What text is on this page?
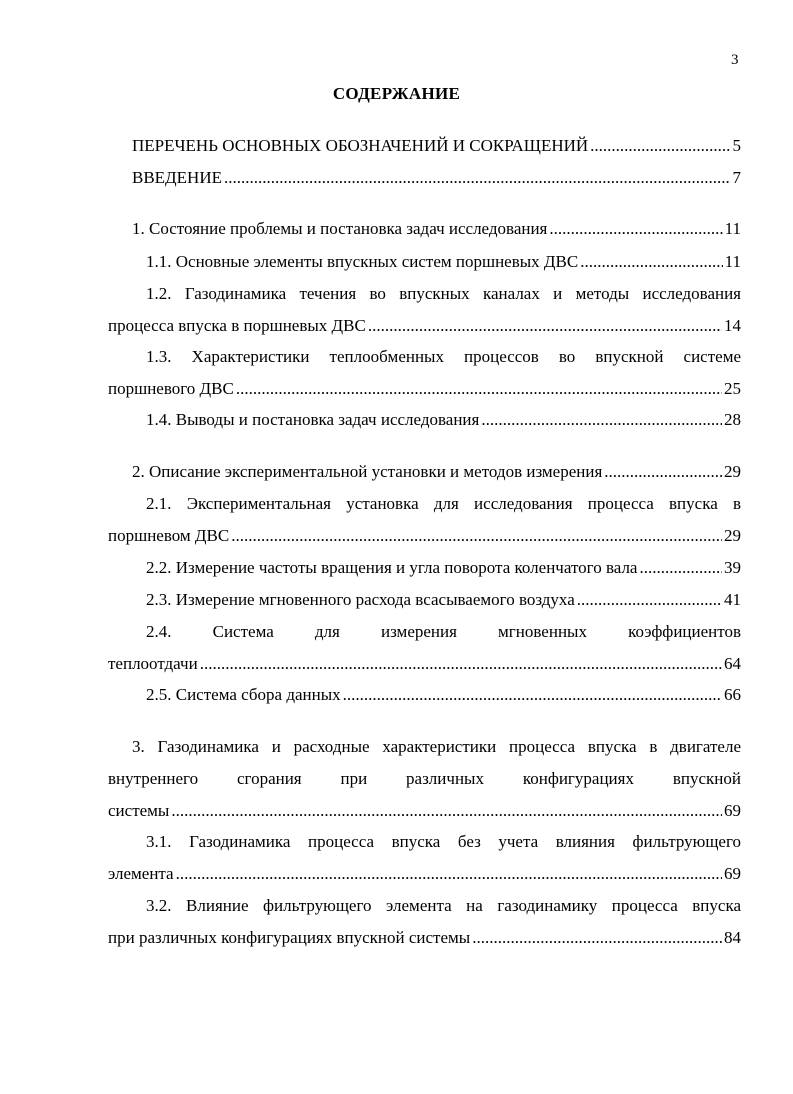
3
СОДЕРЖАНИЕ
ПЕРЕЧЕНЬ ОСНОВНЫХ ОБОЗНАЧЕНИЙ И СОКРАЩЕНИЙ .....	5
ВВЕДЕНИЕ .....	7
1. Состояние проблемы и постановка задач исследования .....	11
1.1. Основные элементы впускных систем поршневых ДВС .....	11
1.2. Газодинамика течения во впускных каналах и методы исследования
процесса впуска в поршневых ДВС .....	14
1.3. Характеристики теплообменных процессов во впускной системе
поршневого ДВС .....	25
1.4. Выводы и постановка задач исследования .....	28
2. Описание экспериментальной установки и методов измерения .....	29
2.1. Экспериментальная установка для исследования процесса впуска в
поршневом ДВС .....	29
2.2. Измерение частоты вращения и угла поворота коленчатого вала .....	39
2.3. Измерение мгновенного расхода всасываемого воздуха .....	41
2.4. Система для измерения мгновенных коэффициентов
теплоотдачи .....	64
2.5. Система сбора данных .....	66
3. Газодинамика и расходные характеристики процесса впуска в двигателе
внутреннего сгорания при различных конфигурациях впускной
системы .....	69
3.1. Газодинамика процесса впуска без учета влияния фильтрующего
элемента .....	69
3.2. Влияние фильтрующего элемента на газодинамику процесса впуска
при различных конфигурациях впускной системы .....	84
